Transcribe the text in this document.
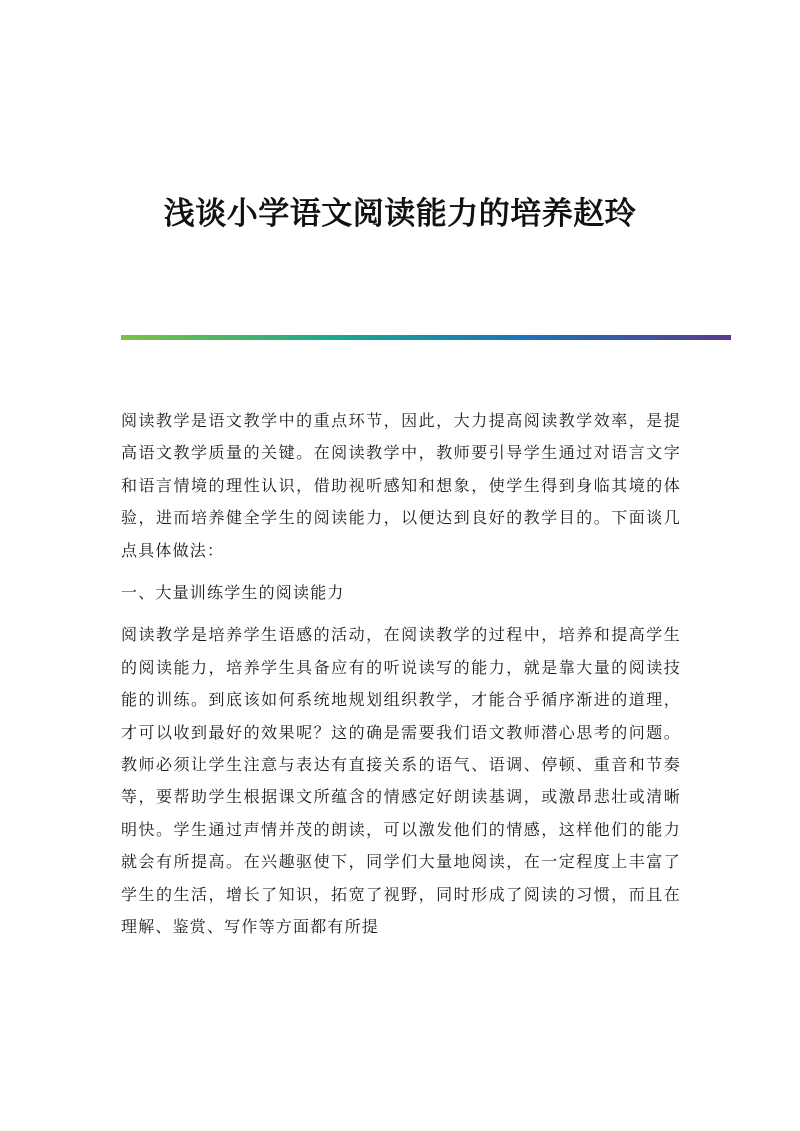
浅谈小学语文阅读能力的培养赵玲

阅读教学是语文教学中的重点环节，因此，大力提高阅读教学效率，是提高语文教学质量的关键。在阅读教学中，教师要引导学生通过对语言文字和语言情境的理性认识，借助视听感知和想象，使学生得到身临其境的体验，进而培养健全学生的阅读能力，以便达到良好的教学目的。下面谈几点具体做法：

一、大量训练学生的阅读能力

阅读教学是培养学生语感的活动，在阅读教学的过程中，培养和提高学生的阅读能力，培养学生具备应有的听说读写的能力，就是靠大量的阅读技能的训练。到底该如何系统地规划组织教学，才能合乎循序渐进的道理，才可以收到最好的效果呢？这的确是需要我们语文教师潜心思考的问题。教师必须让学生注意与表达有直接关系的语气、语调、停顿、重音和节奏等，要帮助学生根据课文所蕴含的情感定好朗读基调，或激昂悲壮或清晰明快。学生通过声情并茂的朗读，可以激发他们的情感，这样他们的能力就会有所提高。在兴趣驱使下，同学们大量地阅读，在一定程度上丰富了学生的生活，增长了知识，拓宽了视野，同时形成了阅读的习惯，而且在理解、鉴赏、写作等方面都有所提
